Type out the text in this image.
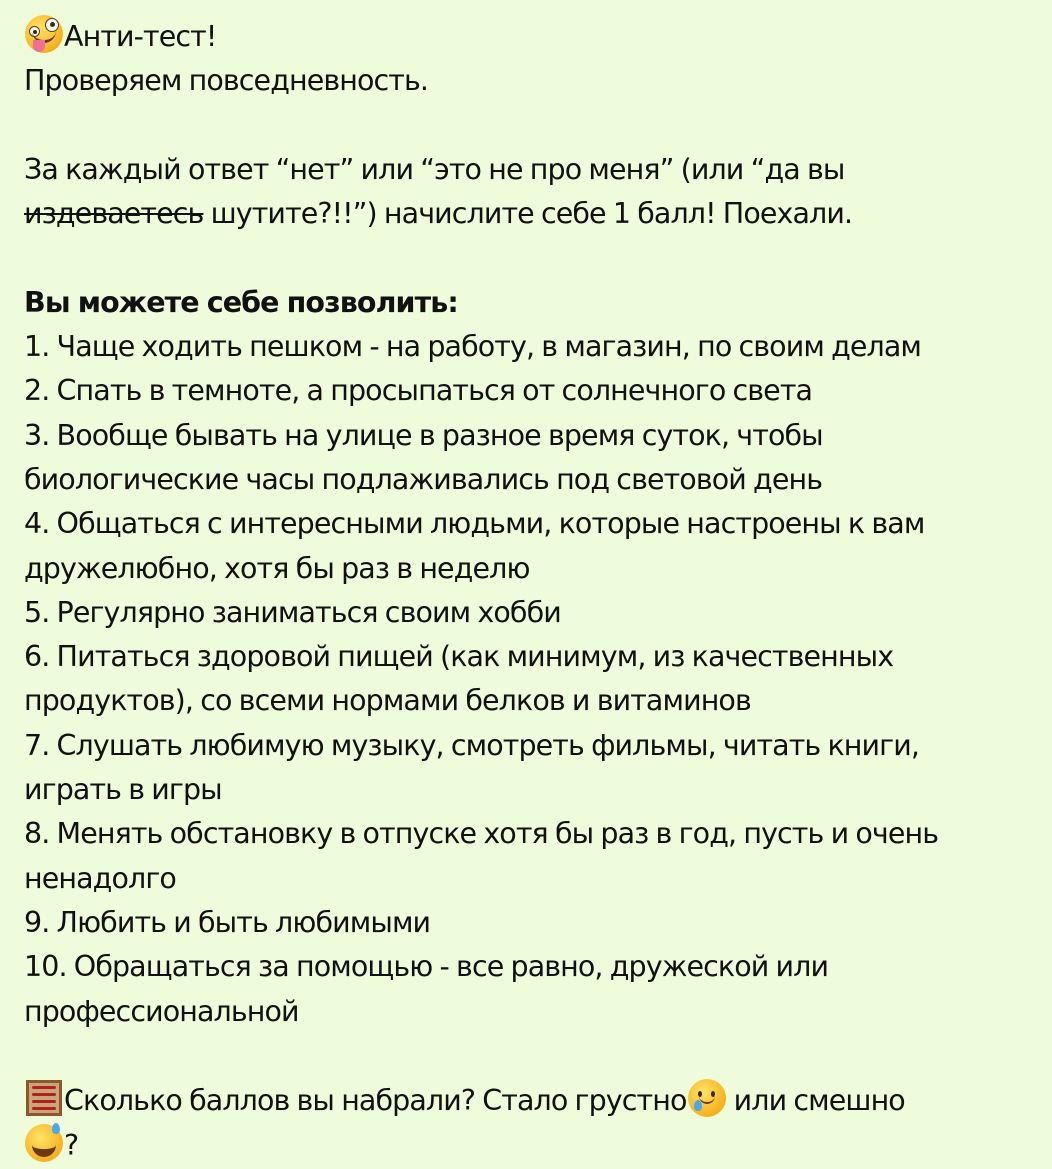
Анти-тест!
Проверяем повседневность.
За каждый ответ “нет” или “это не про меня” (или “да вы
издеваетесь шутите?!!”) начислите себе 1 балл! Поехали.
Вы можете себе позволить:
1. Чаще ходить пешком - на работу, в магазин, по своим делам
2. Спать в темноте, а просыпаться от солнечного света
3. Вообще бывать на улице в разное время суток, чтобы
биологические часы подлаживались под световой день
4. Общаться с интересными людьми, которые настроены к вам
дружелюбно, хотя бы раз в неделю
5. Регулярно заниматься своим хобби
6. Питаться здоровой пищей (как минимум, из качественных
продуктов), со всеми нормами белков и витаминов
7. Слушать любимую музыку, смотреть фильмы, читать книги,
играть в игры
8. Менять обстановку в отпуске хотя бы раз в год, пусть и очень
ненадолго
9. Любить и быть любимыми
10. Обращаться за помощью - все равно, дружеской или
профессиональной
Сколько баллов вы набрали? Стало грустно
или смешно
?
